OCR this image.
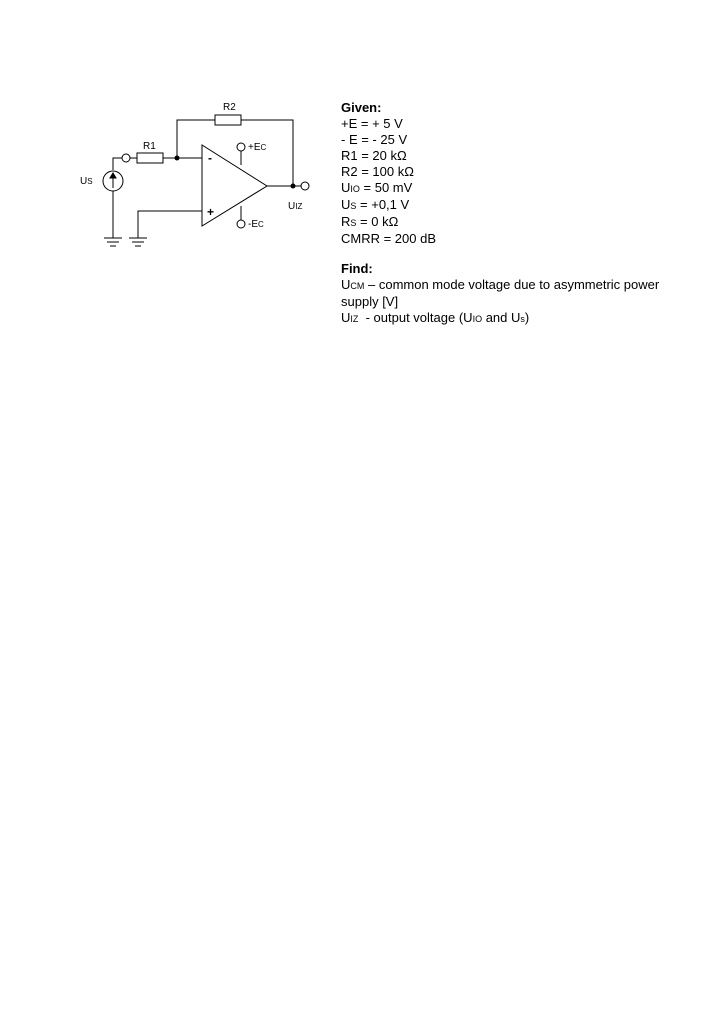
R2
R1
US
+EC
-EC
UIZ
-
+
Given:
+E = + 5 V
- E = - 25 V
R1 = 20 kΩ
R2 = 100 kΩ
UIO = 50 mV
US = +0,1 V
RS = 0 kΩ
CMRR = 200 dB
Find:
UCM – common mode voltage due to asymmetric power supply [V]
UIZ  - output voltage (UIO and Us)
